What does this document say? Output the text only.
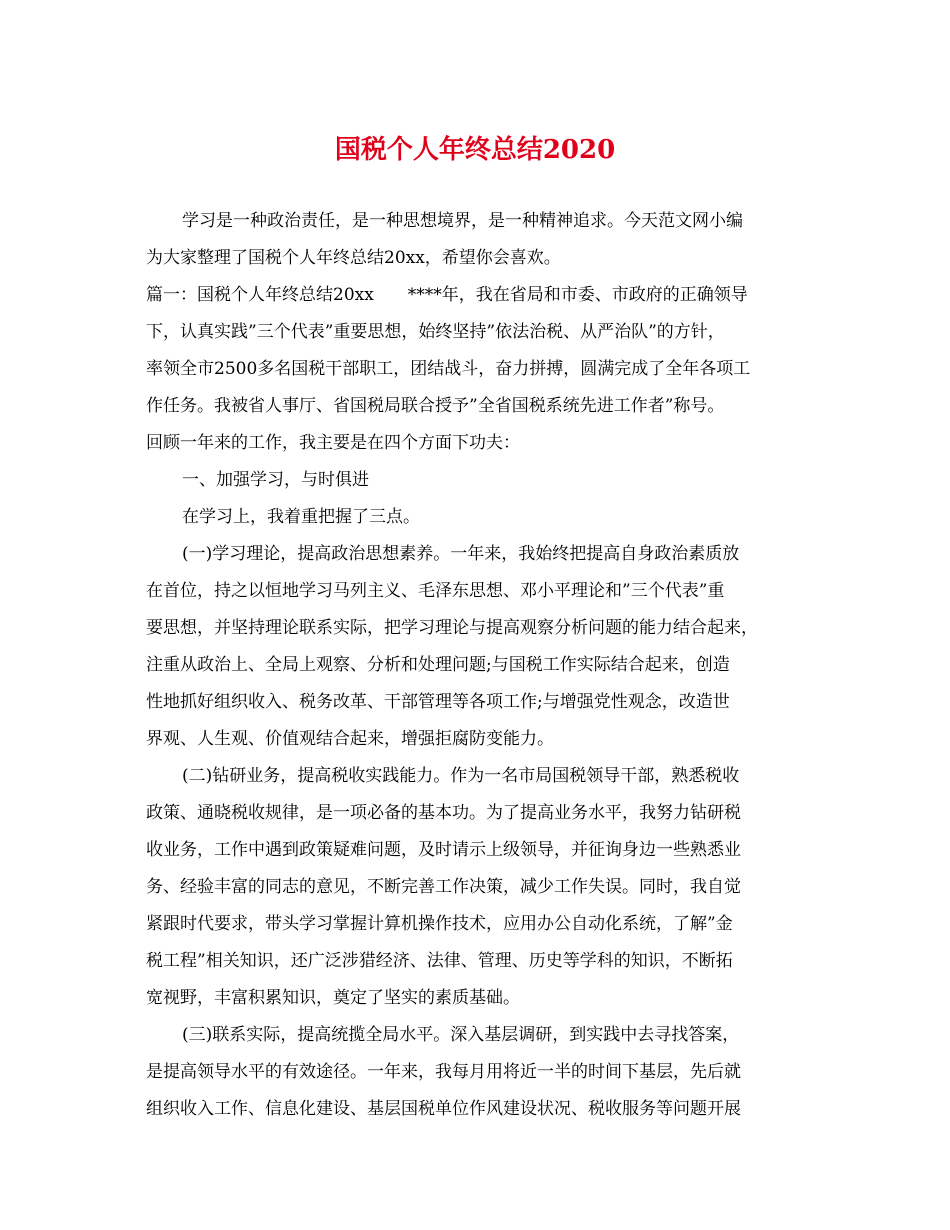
国税个人年终总结2020
学习是一种政治责任，是一种思想境界，是一种精神追求。今天范文网小编
为大家整理了国税个人年终总结20xx，希望你会喜欢。
篇一：国税个人年终总结20xx　　****年，我在省局和市委、市政府的正确领导
下，认真实践”三个代表”重要思想，始终坚持”依法治税、从严治队”的方针，
率领全市2500多名国税干部职工，团结战斗，奋力拼搏，圆满完成了全年各项工
作任务。我被省人事厅、省国税局联合授予”全省国税系统先进工作者”称号。
回顾一年来的工作，我主要是在四个方面下功夫：
一、加强学习，与时俱进
在学习上，我着重把握了三点。
(一)学习理论，提高政治思想素养。一年来，我始终把提高自身政治素质放
在首位，持之以恒地学习马列主义、毛泽东思想、邓小平理论和”三个代表”重
要思想，并坚持理论联系实际，把学习理论与提高观察分析问题的能力结合起来，
注重从政治上、全局上观察、分析和处理问题;与国税工作实际结合起来，创造
性地抓好组织收入、税务改革、干部管理等各项工作;与增强党性观念，改造世
界观、人生观、价值观结合起来，增强拒腐防变能力。
(二)钻研业务，提高税收实践能力。作为一名市局国税领导干部，熟悉税收
政策、通晓税收规律，是一项必备的基本功。为了提高业务水平，我努力钻研税
收业务，工作中遇到政策疑难问题，及时请示上级领导，并征询身边一些熟悉业
务、经验丰富的同志的意见，不断完善工作决策，减少工作失误。同时，我自觉
紧跟时代要求，带头学习掌握计算机操作技术，应用办公自动化系统，了解”金
税工程”相关知识，还广泛涉猎经济、法律、管理、历史等学科的知识，不断拓
宽视野，丰富积累知识，奠定了坚实的素质基础。
(三)联系实际，提高统揽全局水平。深入基层调研，到实践中去寻找答案，
是提高领导水平的有效途径。一年来，我每月用将近一半的时间下基层，先后就
组织收入工作、信息化建设、基层国税单位作风建设状况、税收服务等问题开展
